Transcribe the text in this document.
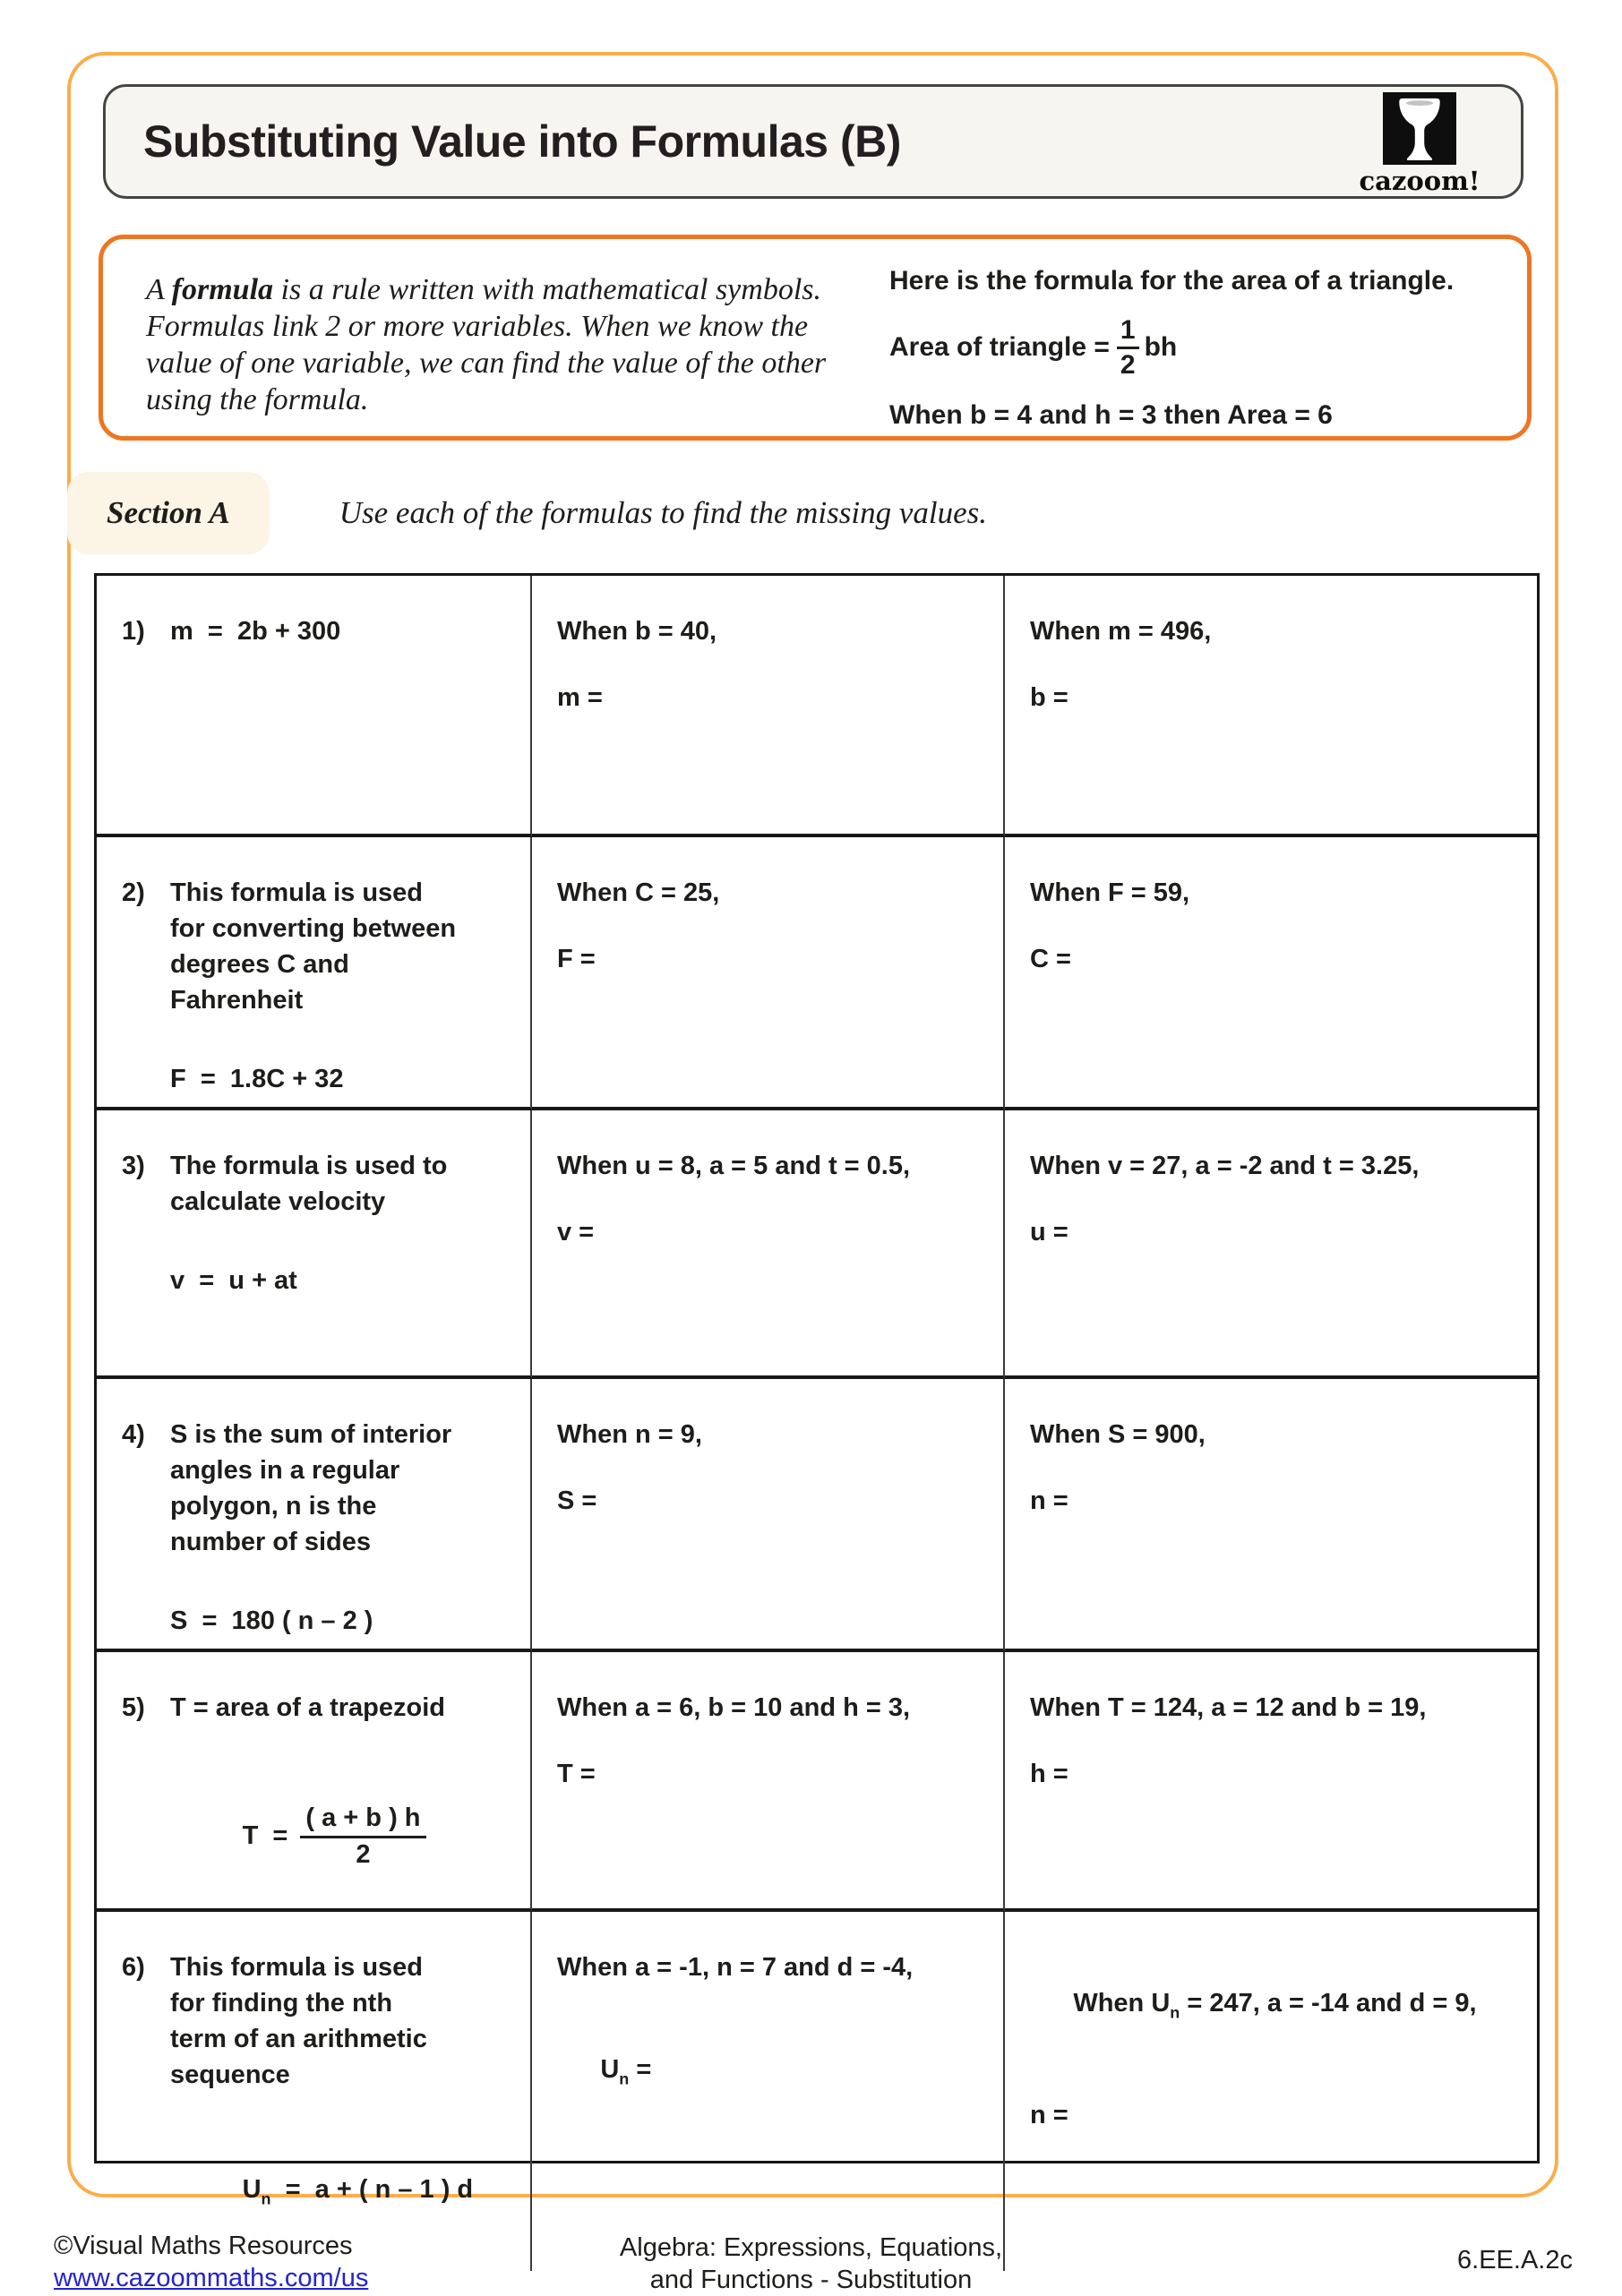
Substituting Value into Formulas (B)
cazoom!
A formula is a rule written with mathematical symbols. Formulas link 2 or more variables. When we know the value of one variable, we can find the value of the other using the formula.
Here is the formula for the area of a triangle.
Area of triangle = $\frac{1}{2}$ bh
When b = 4 and h = 3 then Area = 6
Section A	Use each of the formulas to find the missing values.
1) m  =  2b + 300	When b = 40,
m =
When m = 496,
b =
2) This formula is used
for converting between
degrees C and
Fahrenheit
F  =  1.8C + 32
When C = 25,
F =
When F = 59,
C =
3) The formula is used to
calculate velocity
v  =  u + at
When u = 8, a = 5 and t = 0.5,
v =
When v = 27, a = -2 and t = 3.25,
u =
4) S is the sum of interior
angles in a regular
polygon, n is the
number of sides
S  =  180 ( n – 2 )
When n = 9,
S =
When S = 900,
n =
5) T = area of a trapezoid

$T = \frac{( a + b ) h}{2}$

When a = 6, b = 10 and h = 3,
T =
When T = 124, a = 12 and b = 19,
h =
6) This formula is used
for finding the nth
term of an arithmetic
sequence

$U_n = a$ + ( n – 1 ) d

When a = -1, n = 7 and d = -4,

$U_n$ =

When $U_n = 247$, a = -14 and d = 9,

n =
©Visual Maths Resources
www.cazoommaths.com/us
Algebra: Expressions, Equations,
and Functions - Substitution
6.EE.A.2c
